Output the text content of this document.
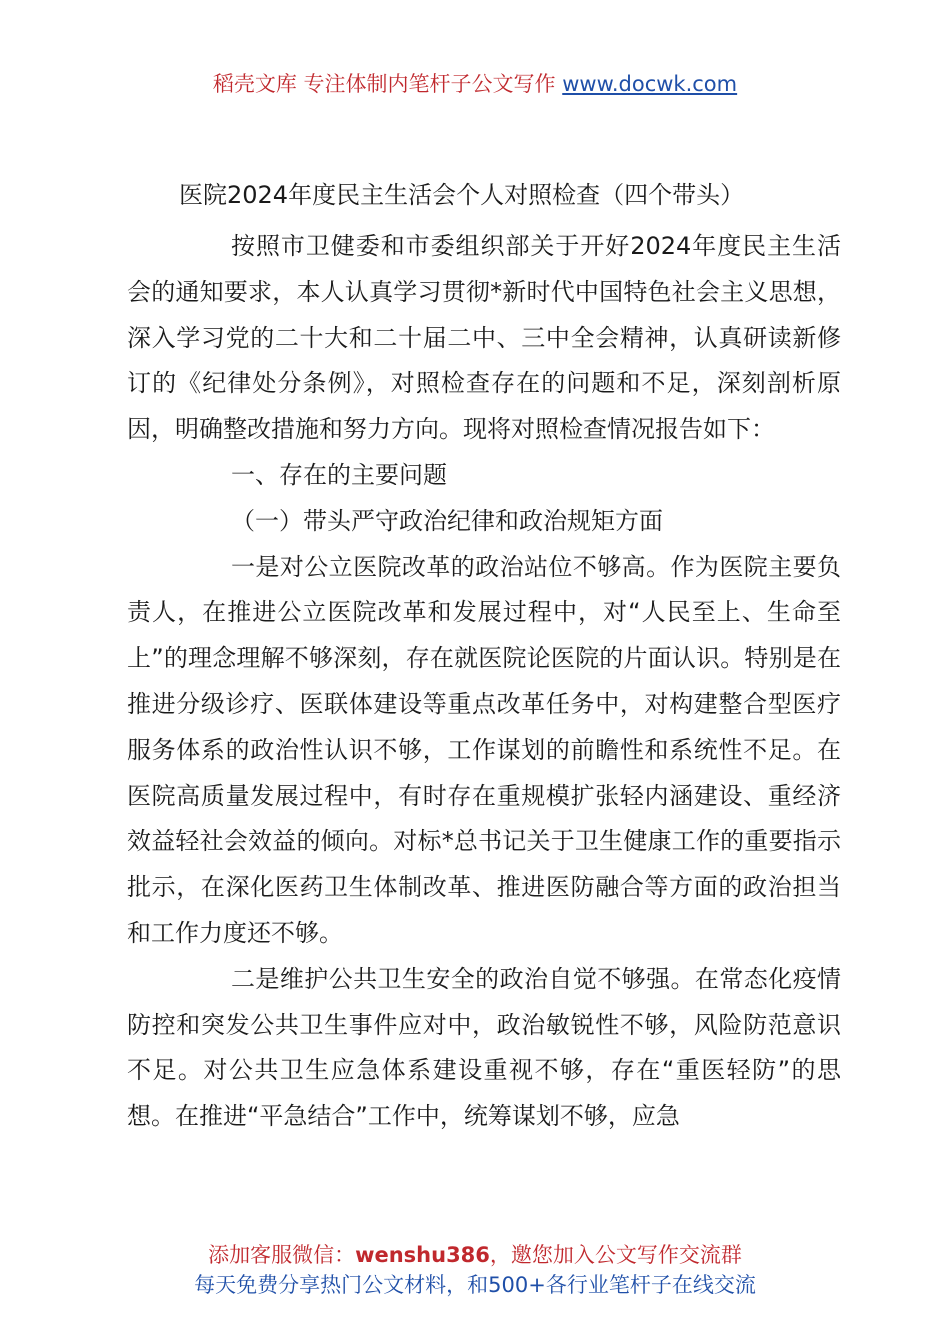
稻壳文库 专注体制内笔杆子公文写作 www.docwk.com
医院2024年度民主生活会个人对照检查（四个带头）

按照市卫健委和市委组织部关于开好2024年度民主生活会的通知要求，本人认真学习贯彻*新时代中国特色社会主义思想，深入学习党的二十大和二十届二中、三中全会精神，认真研读新修订的《纪律处分条例》，对照检查存在的问题和不足，深刻剖析原因，明确整改措施和努力方向。现将对照检查情况报告如下：

一、存在的主要问题

（一）带头严守政治纪律和政治规矩方面

一是对公立医院改革的政治站位不够高。作为医院主要负责人，在推进公立医院改革和发展过程中，对“人民至上、生命至上”的理念理解不够深刻，存在就医院论医院的片面认识。特别是在推进分级诊疗、医联体建设等重点改革任务中，对构建整合型医疗服务体系的政治性认识不够，工作谋划的前瞻性和系统性不足。在医院高质量发展过程中，有时存在重规模扩张轻内涵建设、重经济效益轻社会效益的倾向。对标*总书记关于卫生健康工作的重要指示批示，在深化医药卫生体制改革、推进医防融合等方面的政治担当和工作力度还不够。

二是维护公共卫生安全的政治自觉不够强。在常态化疫情防控和突发公共卫生事件应对中，政治敏锐性不够，风险防范意识不足。对公共卫生应急体系建设重视不够，存在“重医轻防”的思想。在推进“平急结合”工作中，统筹谋划不够，应急

添加客服微信：wenshu386，邀您加入公文写作交流群
每天免费分享热门公文材料，和500+各行业笔杆子在线交流
